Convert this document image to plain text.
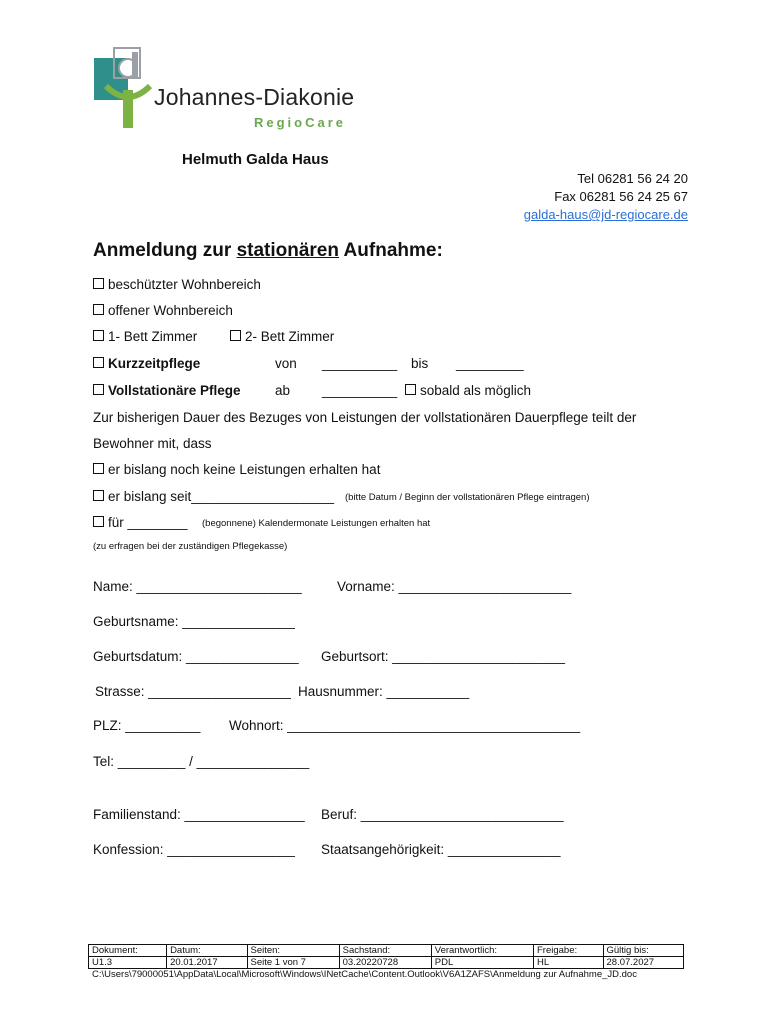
Johannes-Diakonie
RegioCare
Helmuth Galda Haus
Tel 06281 56 24 20
Fax 06281 56 24 25 67
galda-haus@jd-regiocare.de
Anmeldung zur stationären Aufnahme:
beschützter Wohnbereich
offener Wohnbereich
1- Bett Zimmer	2- Bett Zimmer
Kurzzeitpflege	von __________ bis _________
Vollstationäre Pflege	ab __________	sobald als möglich
Zur bisherigen Dauer des Bezuges von Leistungen der vollstationären Dauerpflege teilt der
Bewohner mit, dass
er bislang noch keine Leistungen erhalten hat
er bislang seit___________________ (bitte Datum / Beginn der vollstationären Pflege eintragen)
für ________ (begonnene) Kalendermonate Leistungen erhalten hat
(zu erfragen bei der zuständigen Pflegekasse)
Name: ______________________	Vorname: _______________________
Geburtsname: _______________
Geburtsdatum: _______________ Geburtsort: _______________________
Strasse: ___________________ Hausnummer: ___________
PLZ: __________ Wohnort: _______________________________________
Tel: _________ / _______________
Familienstand: ________________ Beruf: ___________________________
Konfession: _________________ Staatsangehörigkeit: _______________
Dokument:	Datum:	Seiten:	Sachstand:	Verantwortlich:	Freigabe:	Gültig bis:
U1.3	20.01.2017	Seite 1 von 7	03.20220728	PDL	HL	28.07.2027
C:\Users\79000051\AppData\Local\Microsoft\Windows\INetCache\Content.Outlook\V6A1ZAFS\Anmeldung zur Aufnahme_JD.doc
